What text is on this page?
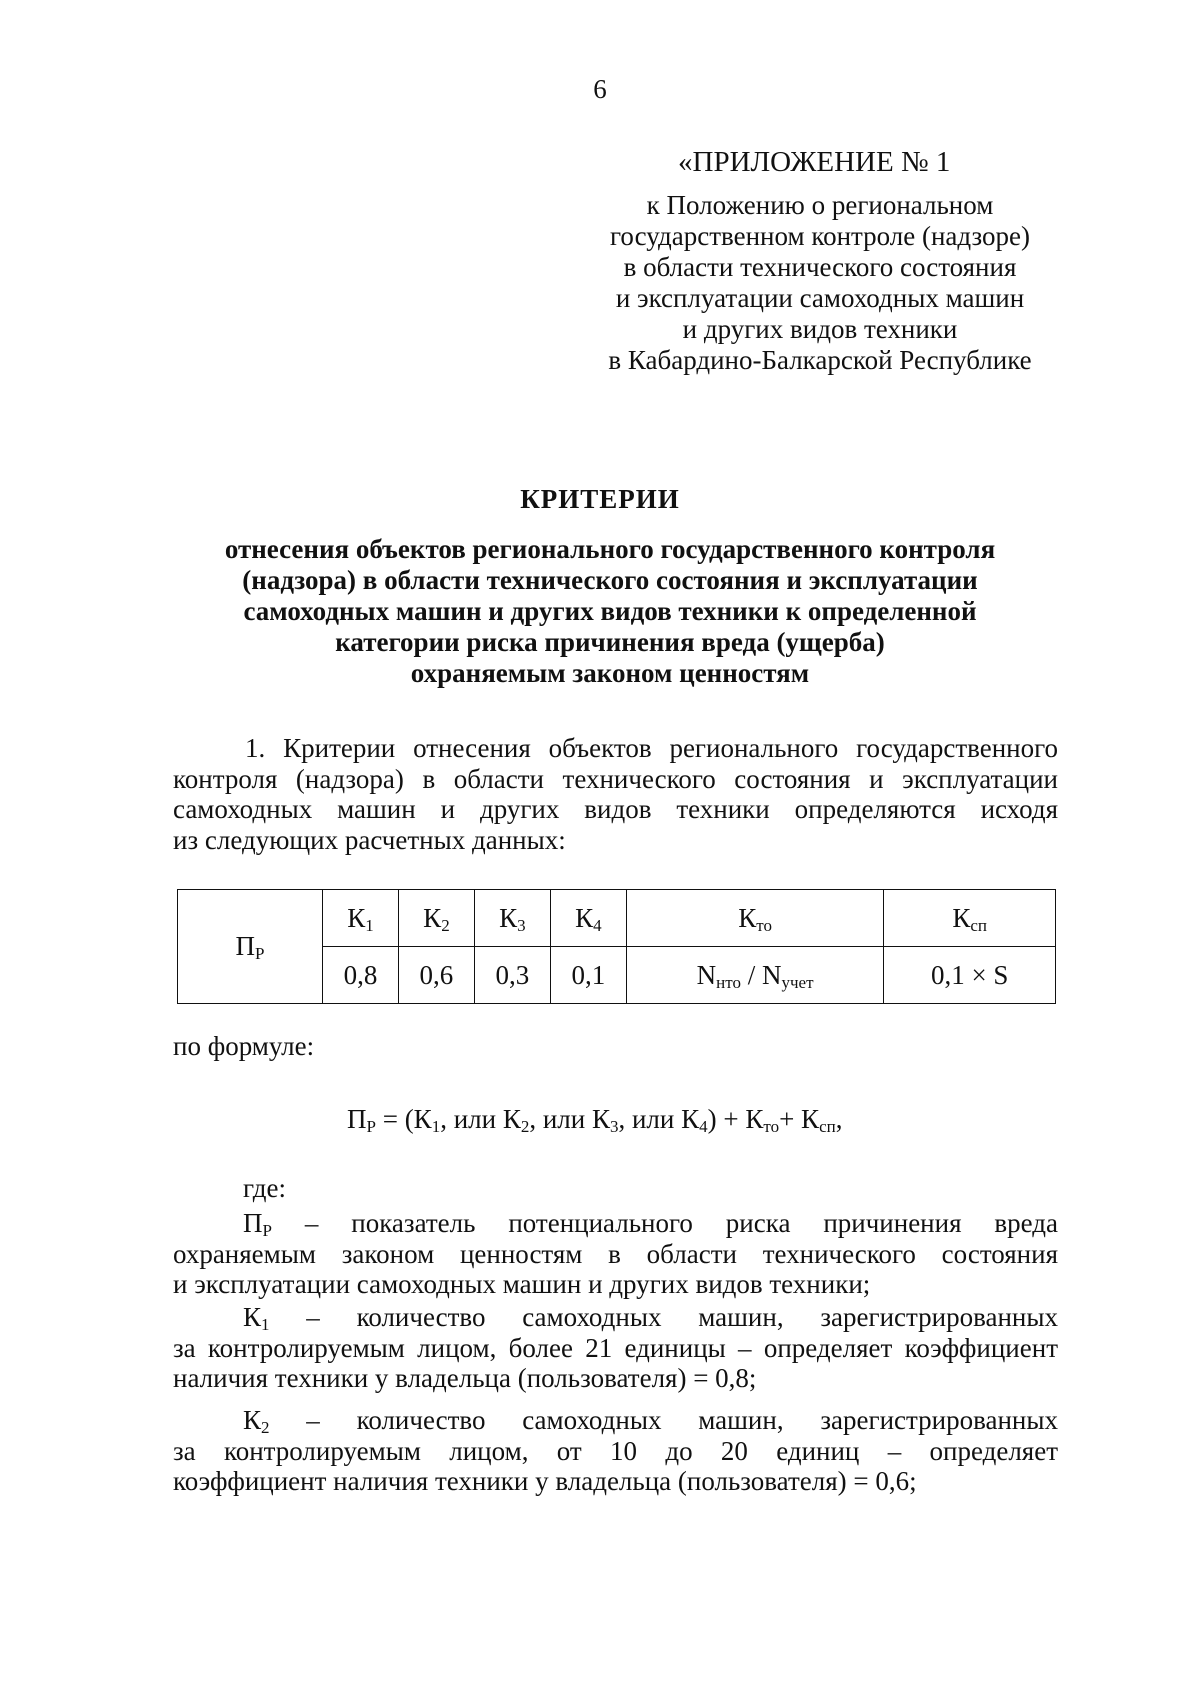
6
«ПРИЛОЖЕНИЕ № 1
к Положению о региональном
государственном контроле (надзоре)
в области технического состояния
и эксплуатации самоходных машин
и других видов техники
в Кабардино-Балкарской Республике
КРИТЕРИИ
отнесения объектов регионального государственного контроля
(надзора) в области технического состояния и эксплуатации
самоходных машин и других видов техники к определенной
категории риска причинения вреда (ущерба)
охраняемым законом ценностям
1. Критерии отнесения объектов регионального государственного
контроля (надзора) в области технического состояния и эксплуатации
самоходных машин и других видов техники определяются исходя
из следующих расчетных данных:
$П_Р$	$К_1$	$К_2$	$К_3$	$К_4$	$К_{то}$	$К_{сп}$
	0,8	0,6	0,3	0,1	$N_{нто} / N_{учет}$	0,1 × S
по формуле:
$П_Р = (К_1$, или $К_2$, или $К_3$, или $К_4) + К_{то}+ К_{сп}$,
где:
$П_Р$ – показатель потенциального риска причинения вреда
охраняемым законом ценностям в области технического состояния
и эксплуатации самоходных машин и других видов техники;
$К_1$ – количество самоходных машин, зарегистрированных
за контролируемым лицом, более 21 единицы – определяет коэффициент
наличия техники у владельца (пользователя) = 0,8;
$К_2$ – количество самоходных машин, зарегистрированных
за контролируемым лицом, от 10 до 20 единиц – определяет
коэффициент наличия техники у владельца (пользователя) = 0,6;
